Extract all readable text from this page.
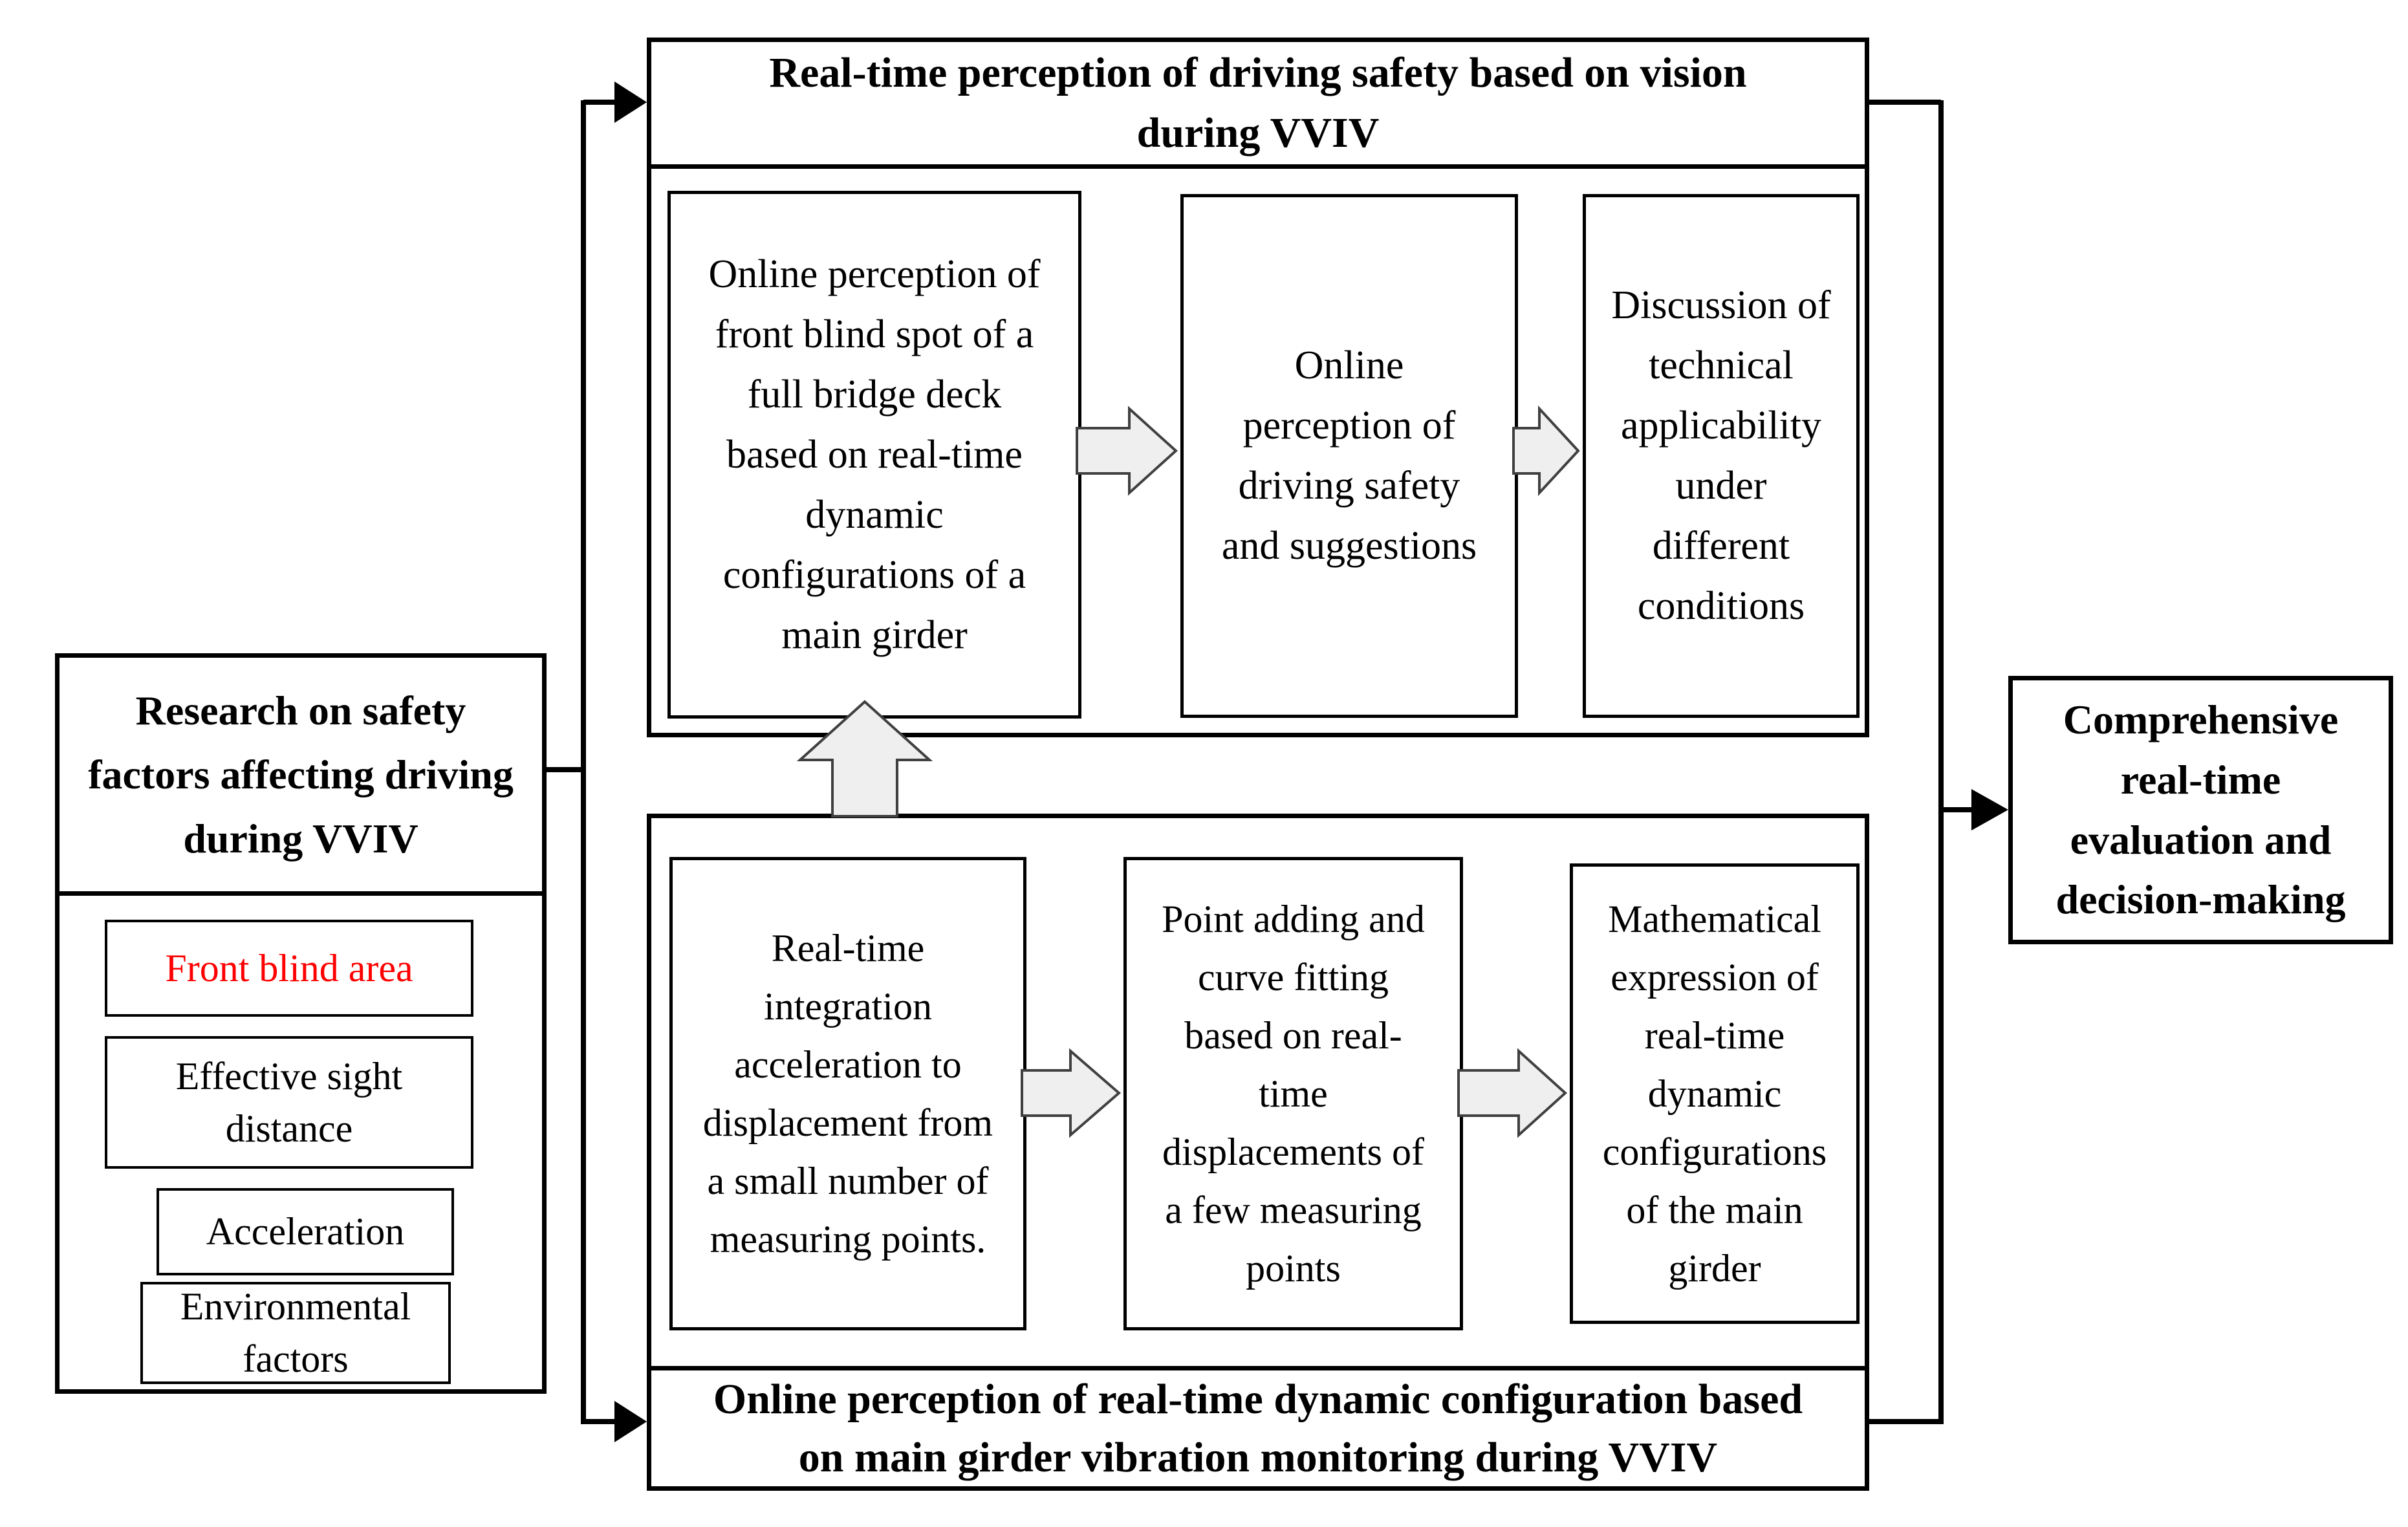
Research on safety factors affecting driving during VVIV
Front blind area
Effective sight distance
Acceleration
Environmental factors
Real-time perception of driving safety based on vision during VVIV
Online perception of front blind spot of a full bridge deck based on real-time dynamic configurations of a main girder
Online perception of driving safety and suggestions
Discussion of technical applicability under different conditions
Real-time integration acceleration to displacement from a small number of measuring points.
Point adding and curve fitting based on real-time displacements of a few measuring points
Mathematical expression of real-time dynamic configurations of the main girder
Online perception of real-time dynamic configuration based on main girder vibration monitoring during VVIV
Comprehensive real-time evaluation and decision-making
